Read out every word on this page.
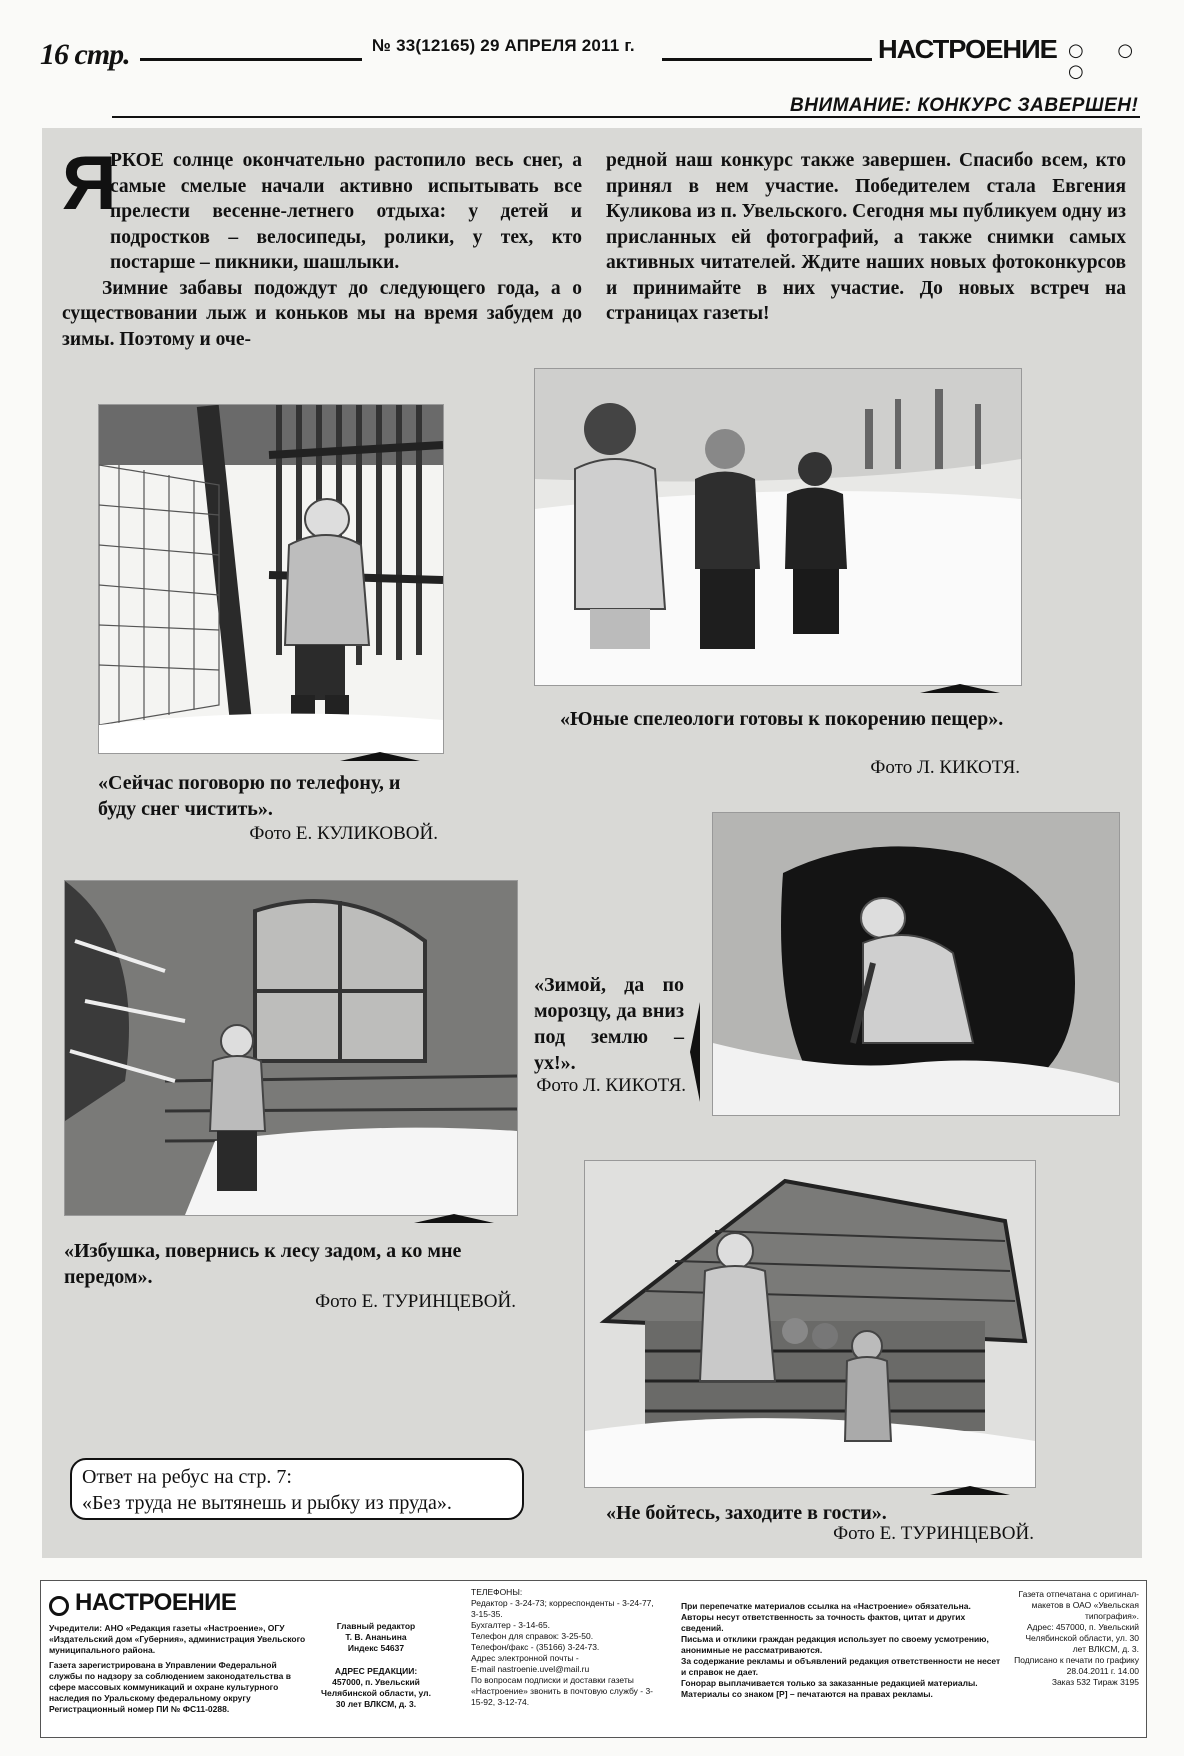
16 стр.	№ 33(12165) 29 АПРЕЛЯ 2011 г.	НАСТРОЕНИЕ ○ ○ ○
ВНИМАНИЕ: КОНКУРС ЗАВЕРШЕН!
Я

РКОЕ солнце окончательно растопило весь снег, а самые смелые начали активно испытывать все прелести весенне-летнего отдыха: у детей и подростков – велосипеды, ролики, у тех, кто постарше – пикники, шашлыки.

Зимние забавы подождут до следующего года, а о существовании лыж и коньков мы на время забудем до зимы. Поэтому и оче-

редной наш конкурс также завершен. Спасибо всем, кто принял в нем участие. Победителем стала Евгения Куликова из п. Увельского. Сегодня мы публикуем одну из присланных ей фотографий, а также снимки самых активных читателей. Ждите наших новых фотоконкурсов и принимайте в них участие. До новых встреч на страницах газеты!

«Сейчас поговорю по телефону, и буду снег чистить».

Фото Е. КУЛИКОВОЙ.

«Юные спелеологи готовы к покорению пещер».

Фото Л. КИКОТЯ.

«Зимой, да по морозцу, да вниз под землю – ух!».

Фото Л. КИКОТЯ.

«Избушка, повернись к лесу задом, а ко мне передом».

Фото Е. ТУРИНЦЕВОЙ.

«Не бойтесь, заходите в гости».

Фото Е. ТУРИНЦЕВОЙ.

Ответ на ребус на стр. 7:

«Без труда не вытянешь и рыбку из пруда».

НАСТРОЕНИЕ

Учредители: АНО «Редакция газеты «Настроение», ОГУ «Издательский дом «Губерния», администрация Увельского муниципального района.

Газета зарегистрирована в Управлении Федеральной службы по надзору за соблюдением законодательства в сфере массовых коммуникаций и охране культурного наследия по Уральскому федеральному округу

Регистрационный номер ПИ № ФС11-0288.

Главный редактор

Т. В. Ананьина

Индекс 54637

АДРЕС РЕДАКЦИИ:

457000, п. Увельский Челябинской области, ул. 30 лет ВЛКСМ, д. 3.

ТЕЛЕФОНЫ:

Редактор - 3-24-73; корреспонденты - 3-24-77, 3-15-35.

Бухгалтер - 3-14-65.

Телефон для справок: 3-25-50.

Телефон/факс - (35166) 3-24-73.

Адрес электронной почты -

E-mail nastroenie.uvel@mail.ru

По вопросам подписки и доставки газеты «Настроение» звонить в почтовую службу - 3-15-92, 3-12-74.

При перепечатке материалов ссылка на «Настроение» обязательна.

Авторы несут ответственность за точность фактов, цитат и других сведений.

Письма и отклики граждан редакция использует по своему усмотрению, анонимные не рассматриваются.

За содержание рекламы и объявлений редакция ответственности не несет и справок не дает.

Гонорар выплачивается только за заказанные редакцией материалы.

Материалы со знаком [Р] – печатаются на правах рекламы.

Газета отпечатана с оригинал-макетов в ОАО «Увельская типография».

Адрес: 457000, п. Увельский Челябинской области, ул. 30 лет ВЛКСМ, д. 3.

Подписано к печати по графику 28.04.2011 г. 14.00

Заказ 532 Тираж 3195
